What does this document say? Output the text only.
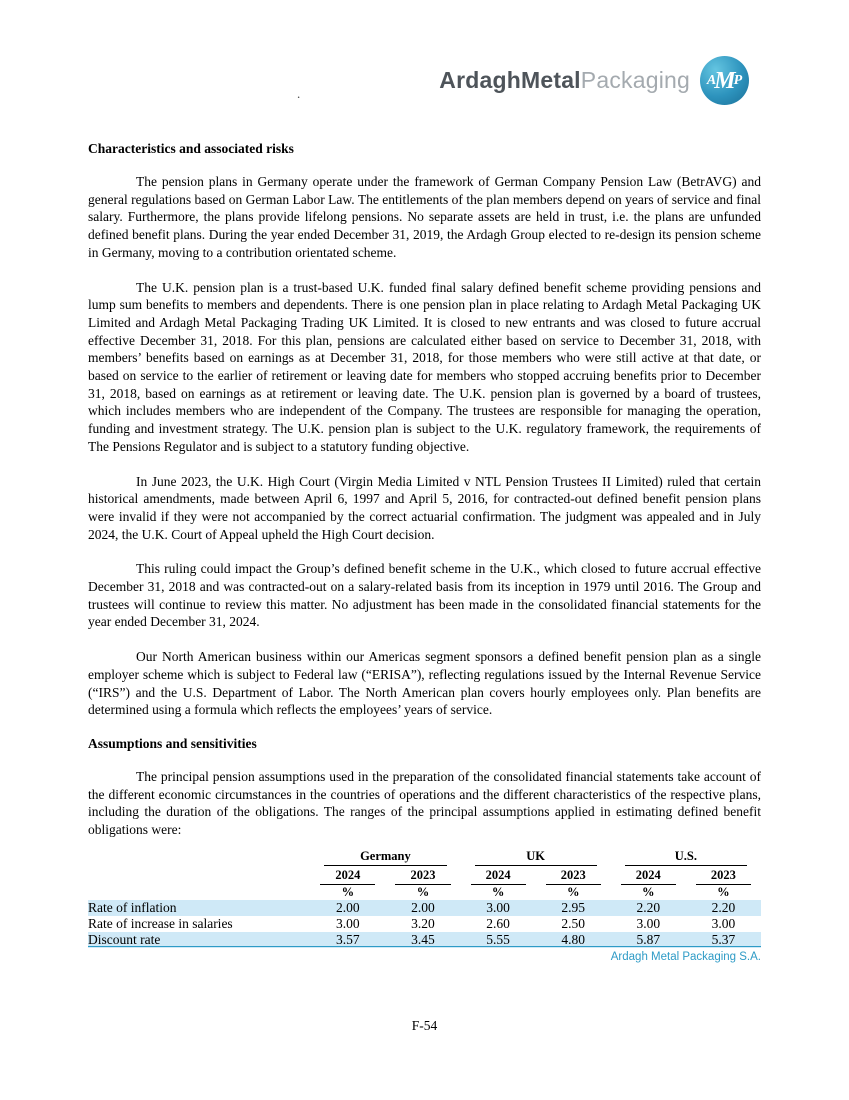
ArdaghMetalPackaging A
M
P
.
Characteristics and associated risks

The pension plans in Germany operate under the framework of German Company Pension Law (BetrAVG) and general regulations based on German Labor Law. The entitlements of the plan members depend on years of service and final salary. Furthermore, the plans provide lifelong pensions. No separate assets are held in trust, i.e. the plans are unfunded defined benefit plans. During the year ended December 31, 2019, the Ardagh Group elected to re-design its pension scheme in Germany, moving to a contribution orientated scheme.

The U.K. pension plan is a trust-based U.K. funded final salary defined benefit scheme providing pensions and lump sum benefits to members and dependents. There is one pension plan in place relating to Ardagh Metal Packaging UK Limited and Ardagh Metal Packaging Trading UK Limited. It is closed to new entrants and was closed to future accrual effective December 31, 2018. For this plan, pensions are calculated either based on service to December 31, 2018, with members’ benefits based on earnings as at December 31, 2018, for those members who were still active at that date, or based on service to the earlier of retirement or leaving date for members who stopped accruing benefits prior to December 31, 2018, based on earnings as at retirement or leaving date. The U.K. pension plan is governed by a board of trustees, which includes members who are independent of the Company. The trustees are responsible for managing the operation, funding and investment strategy. The U.K. pension plan is subject to the U.K. regulatory framework, the requirements of The Pensions Regulator and is subject to a statutory funding objective.

In June 2023, the U.K. High Court (Virgin Media Limited v NTL Pension Trustees II Limited) ruled that certain historical amendments, made between April 6, 1997 and April 5, 2016, for contracted-out defined benefit pension plans were invalid if they were not accompanied by the correct actuarial confirmation. The judgment was appealed and in July 2024, the U.K. Court of Appeal upheld the High Court decision.

This ruling could impact the Group’s defined benefit scheme in the U.K., which closed to future accrual effective December 31, 2018 and was contracted-out on a salary-related basis from its inception in 1979 until 2016. The Group and trustees will continue to review this matter. No adjustment has been made in the consolidated financial statements for the year ended December 31, 2024.

Our North American business within our Americas segment sponsors a defined benefit pension plan as a single employer scheme which is subject to Federal law (“ERISA”), reflecting regulations issued by the Internal Revenue Service (“IRS”) and the U.S. Department of Labor. The North American plan covers hourly employees only. Plan benefits are determined using a formula which reflects the employees’ years of service.

Assumptions and sensitivities

The principal pension assumptions used in the preparation of the consolidated financial statements take account of the different economic circumstances in the countries of operations and the different characteristics of the respective plans, including the duration of the obligations. The ranges of the principal assumptions applied in estimating defined benefit obligations were:

	Germany		UK		U.S.	

	2024	2023	2024	2023	2024	2023

	%	%	%	%	%	%
Rate of inflation	2.00	2.00	3.00	2.95	2.20	2.20
Rate of increase in salaries	3.00	3.20	2.60	2.50	3.00	3.00
Discount rate	3.57	3.45	5.55	4.80	5.87	5.37
Ardagh Metal Packaging S.A.
F-54
